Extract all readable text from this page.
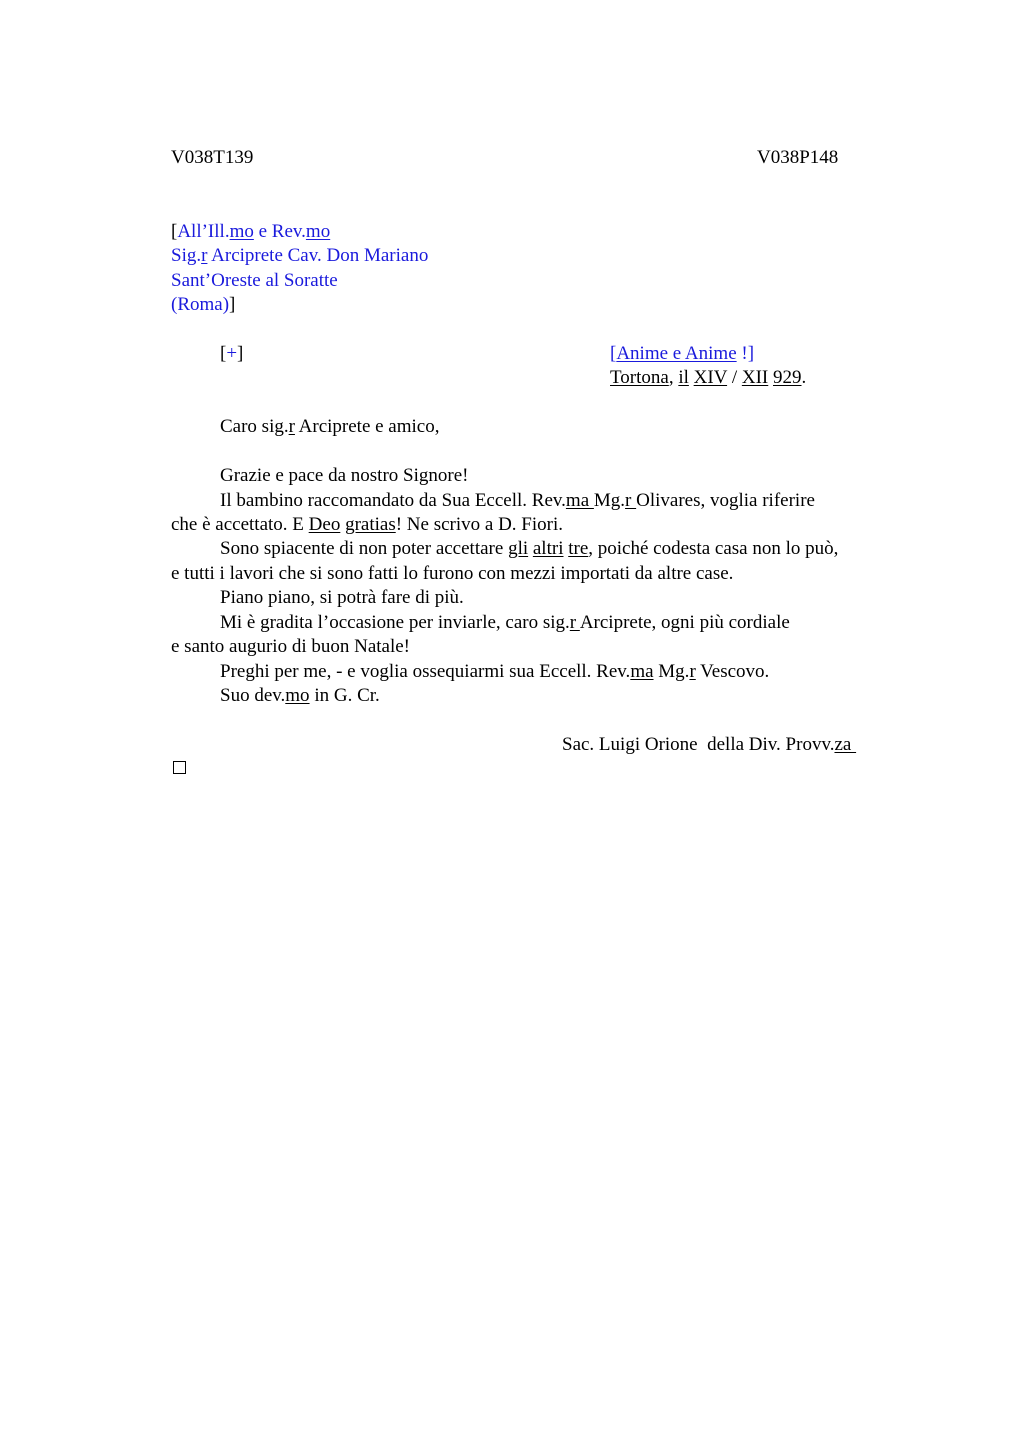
V038T139	V038P148
[All’Ill.mo e Rev.mo
Sig.r Arciprete Cav. Don Mariano
Sant’Oreste al Soratte
(Roma)]
[+]	[Anime e Anime !]
Tortona, il XIV / XII 929.
Caro sig.r Arciprete e amico,
Grazie e pace da nostro Signore!
Il bambino raccomandato da Sua Eccell. Rev.ma Mg.r Olivares, voglia riferire
che è accettato. E Deo gratias! Ne scrivo a D. Fiori.
Sono spiacente di non poter accettare gli altri tre, poiché codesta casa non lo può,
e tutti i lavori che si sono fatti lo furono con mezzi importati da altre case.
Piano piano, si potrà fare di più.
Mi è gradita l’occasione per inviarle, caro sig.r Arciprete, ogni più cordiale
e santo augurio di buon Natale!
Preghi per me, - e voglia ossequiarmi sua Eccell. Rev.ma Mg.r Vescovo.
Suo dev.mo in G. Cr.
Sac. Luigi Orione  della Div. Provv.za
